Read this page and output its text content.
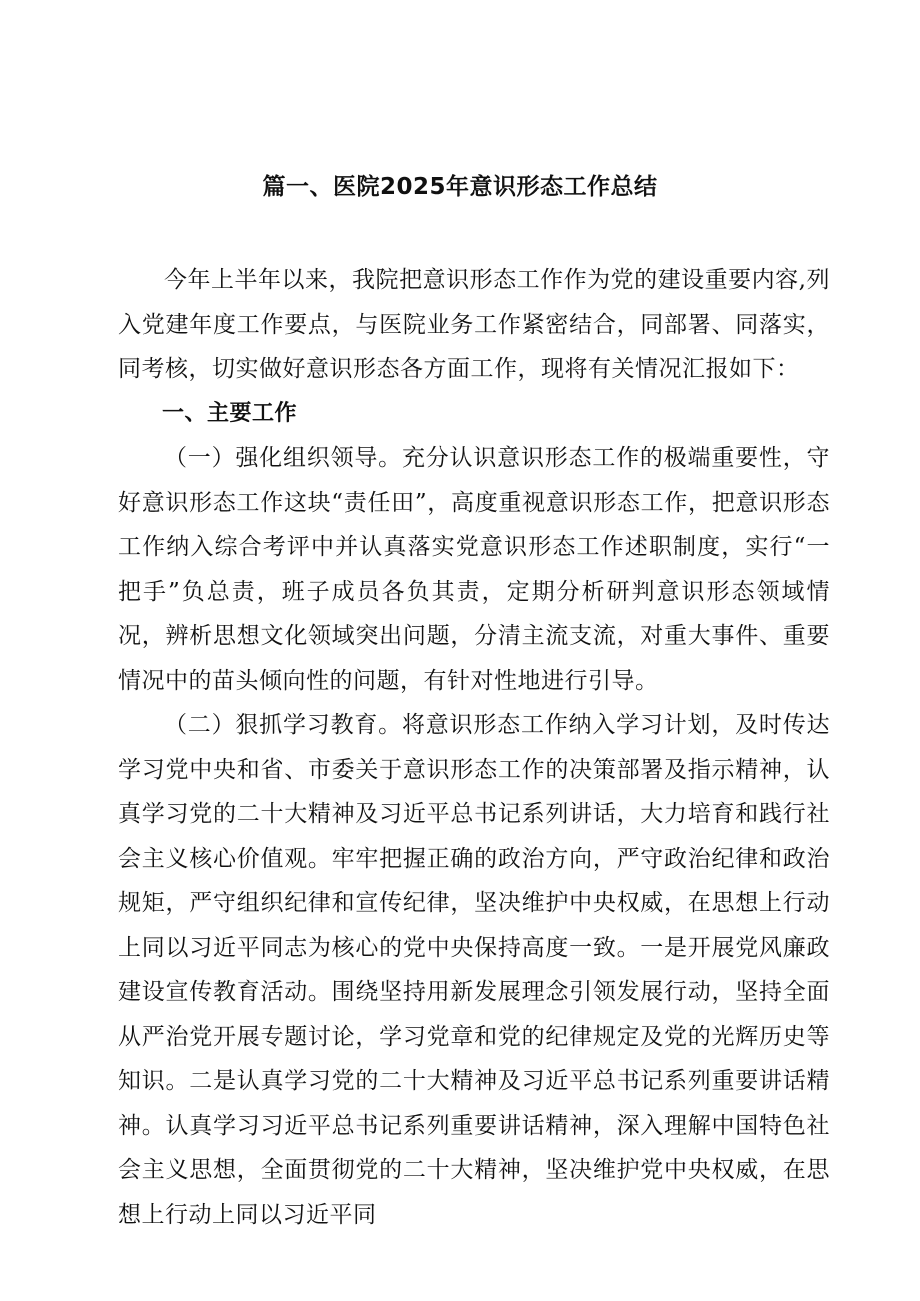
篇一、医院2025年意识形态工作总结

今年上半年以来，我院把意识形态工作作为党的建设重要内容,列入党建年度工作要点，与医院业务工作紧密结合，同部署、同落实，同考核，切实做好意识形态各方面工作，现将有关情况汇报如下：

一、主要工作

（一）强化组织领导。充分认识意识形态工作的极端重要性，守好意识形态工作这块“责任田”，高度重视意识形态工作，把意识形态工作纳入综合考评中并认真落实党意识形态工作述职制度，实行“一把手”负总责，班子成员各负其责，定期分析研判意识形态领域情况，辨析思想文化领域突出问题，分清主流支流，对重大事件、重要情况中的苗头倾向性的问题，有针对性地进行引导。

（二）狠抓学习教育。将意识形态工作纳入学习计划，及时传达学习党中央和省、市委关于意识形态工作的决策部署及指示精神，认真学习党的二十大精神及习近平总书记系列讲话，大力培育和践行社会主义核心价值观。牢牢把握正确的政治方向，严守政治纪律和政治规矩，严守组织纪律和宣传纪律，坚决维护中央权威，在思想上行动上同以习近平同志为核心的党中央保持高度一致。一是开展党风廉政建设宣传教育活动。围绕坚持用新发展理念引领发展行动，坚持全面从严治党开展专题讨论，学习党章和党的纪律规定及党的光辉历史等知识。二是认真学习党的二十大精神及习近平总书记系列重要讲话精神。认真学习习近平总书记系列重要讲话精神，深入理解中国特色社会主义思想，全面贯彻党的二十大精神，坚决维护党中央权威，在思想上行动上同以习近平同
